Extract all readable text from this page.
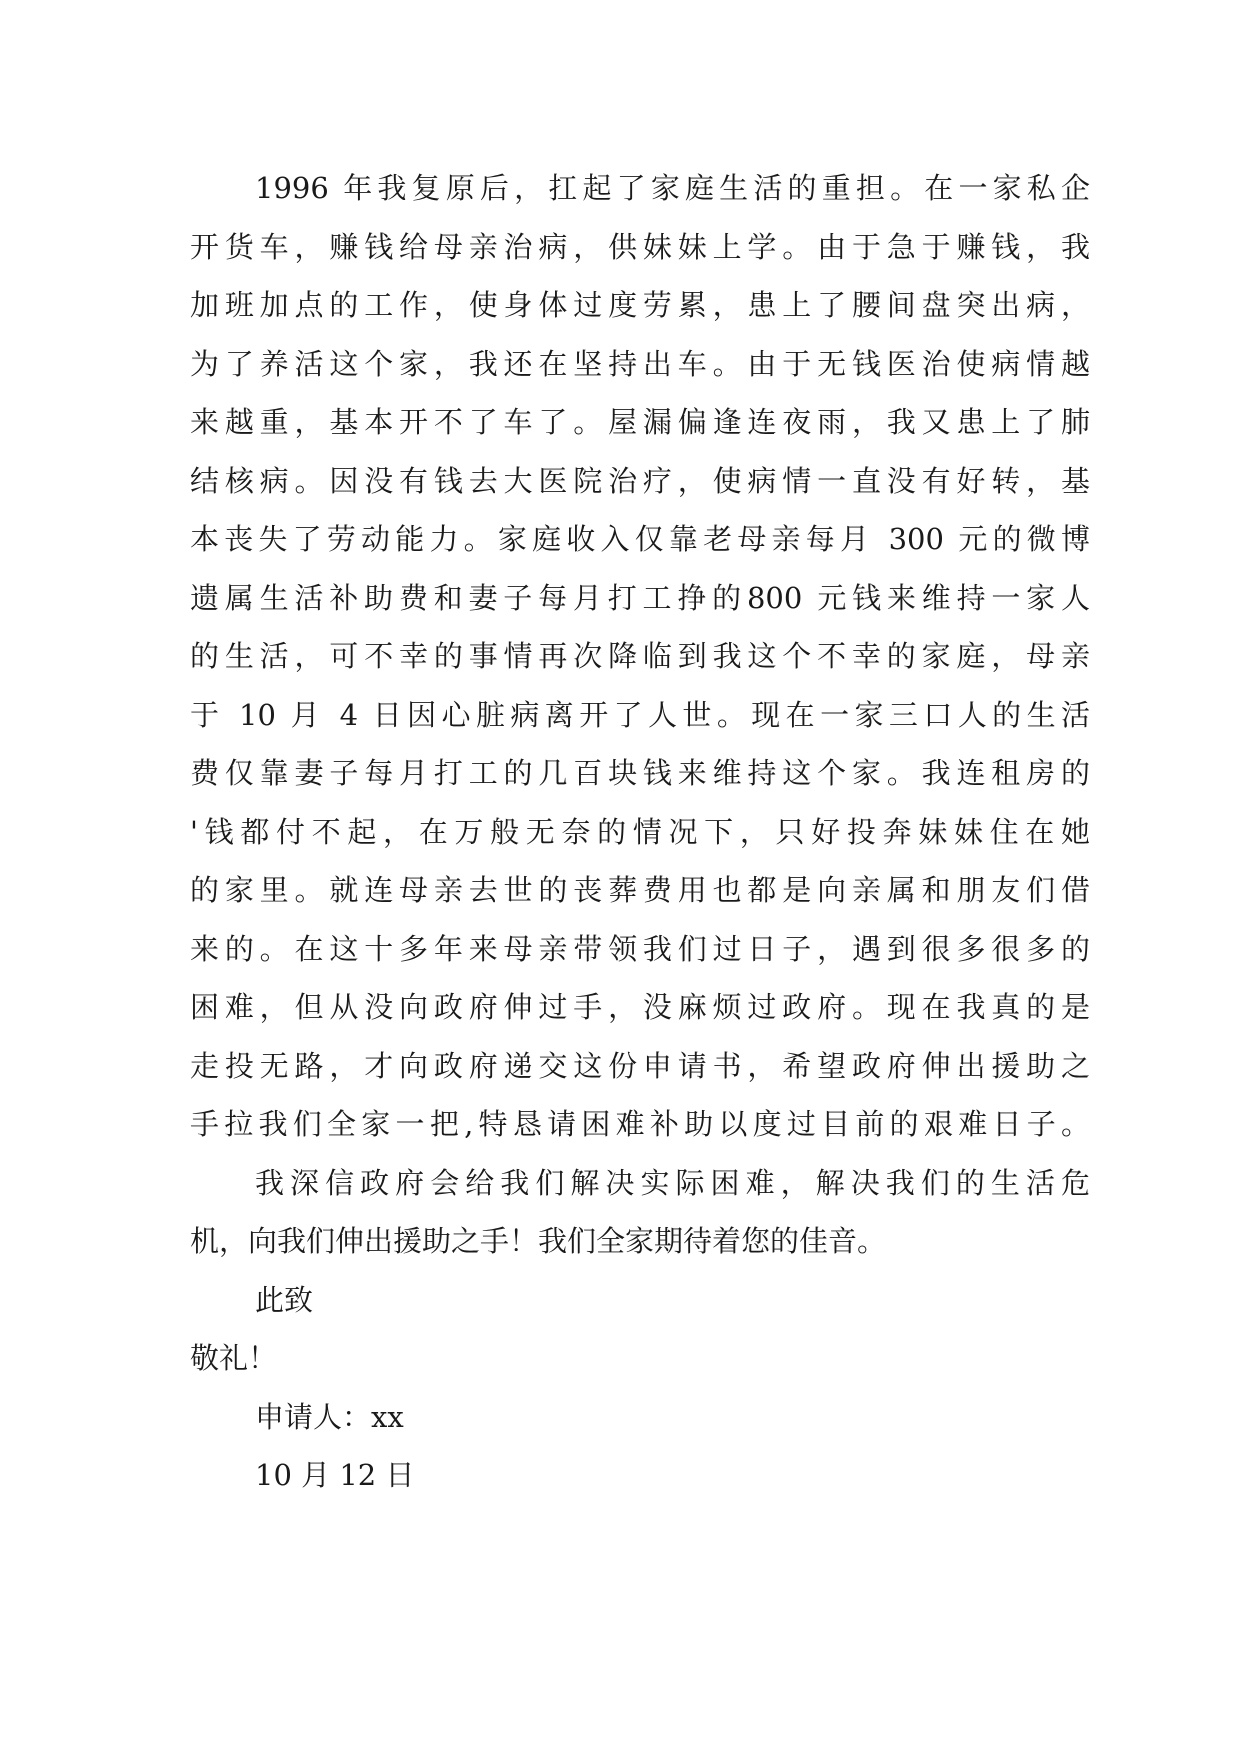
1996 年我复原后，扛起了家庭生活的重担。在一家私企
开货车，赚钱给母亲治病，供妹妹上学。由于急于赚钱，我
加班加点的工作，使身体过度劳累，患上了腰间盘突出病，
为了养活这个家，我还在坚持出车。由于无钱医治使病情越
来越重，基本开不了车了。屋漏偏逢连夜雨，我又患上了肺
结核病。因没有钱去大医院治疗，使病情一直没有好转，基
本丧失了劳动能力。家庭收入仅靠老母亲每月 300 元的微博
遗属生活补助费和妻子每月打工挣的800 元钱来维持一家人
的生活，可不幸的事情再次降临到我这个不幸的家庭，母亲
于 10 月 4 日因心脏病离开了人世。现在一家三口人的生活
费仅靠妻子每月打工的几百块钱来维持这个家。我连租房的
'钱都付不起，在万般无奈的情况下，只好投奔妹妹住在她
的家里。就连母亲去世的丧葬费用也都是向亲属和朋友们借
来的。在这十多年来母亲带领我们过日子，遇到很多很多的
困难，但从没向政府伸过手，没麻烦过政府。现在我真的是
走投无路，才向政府递交这份申请书，希望政府伸出援助之
手拉我们全家一把,特恳请困难补助以度过目前的艰难日子。
我深信政府会给我们解决实际困难，解决我们的生活危
机，向我们伸出援助之手！我们全家期待着您的佳音。
此致
敬礼！
申请人：xx
10 月 12 日
